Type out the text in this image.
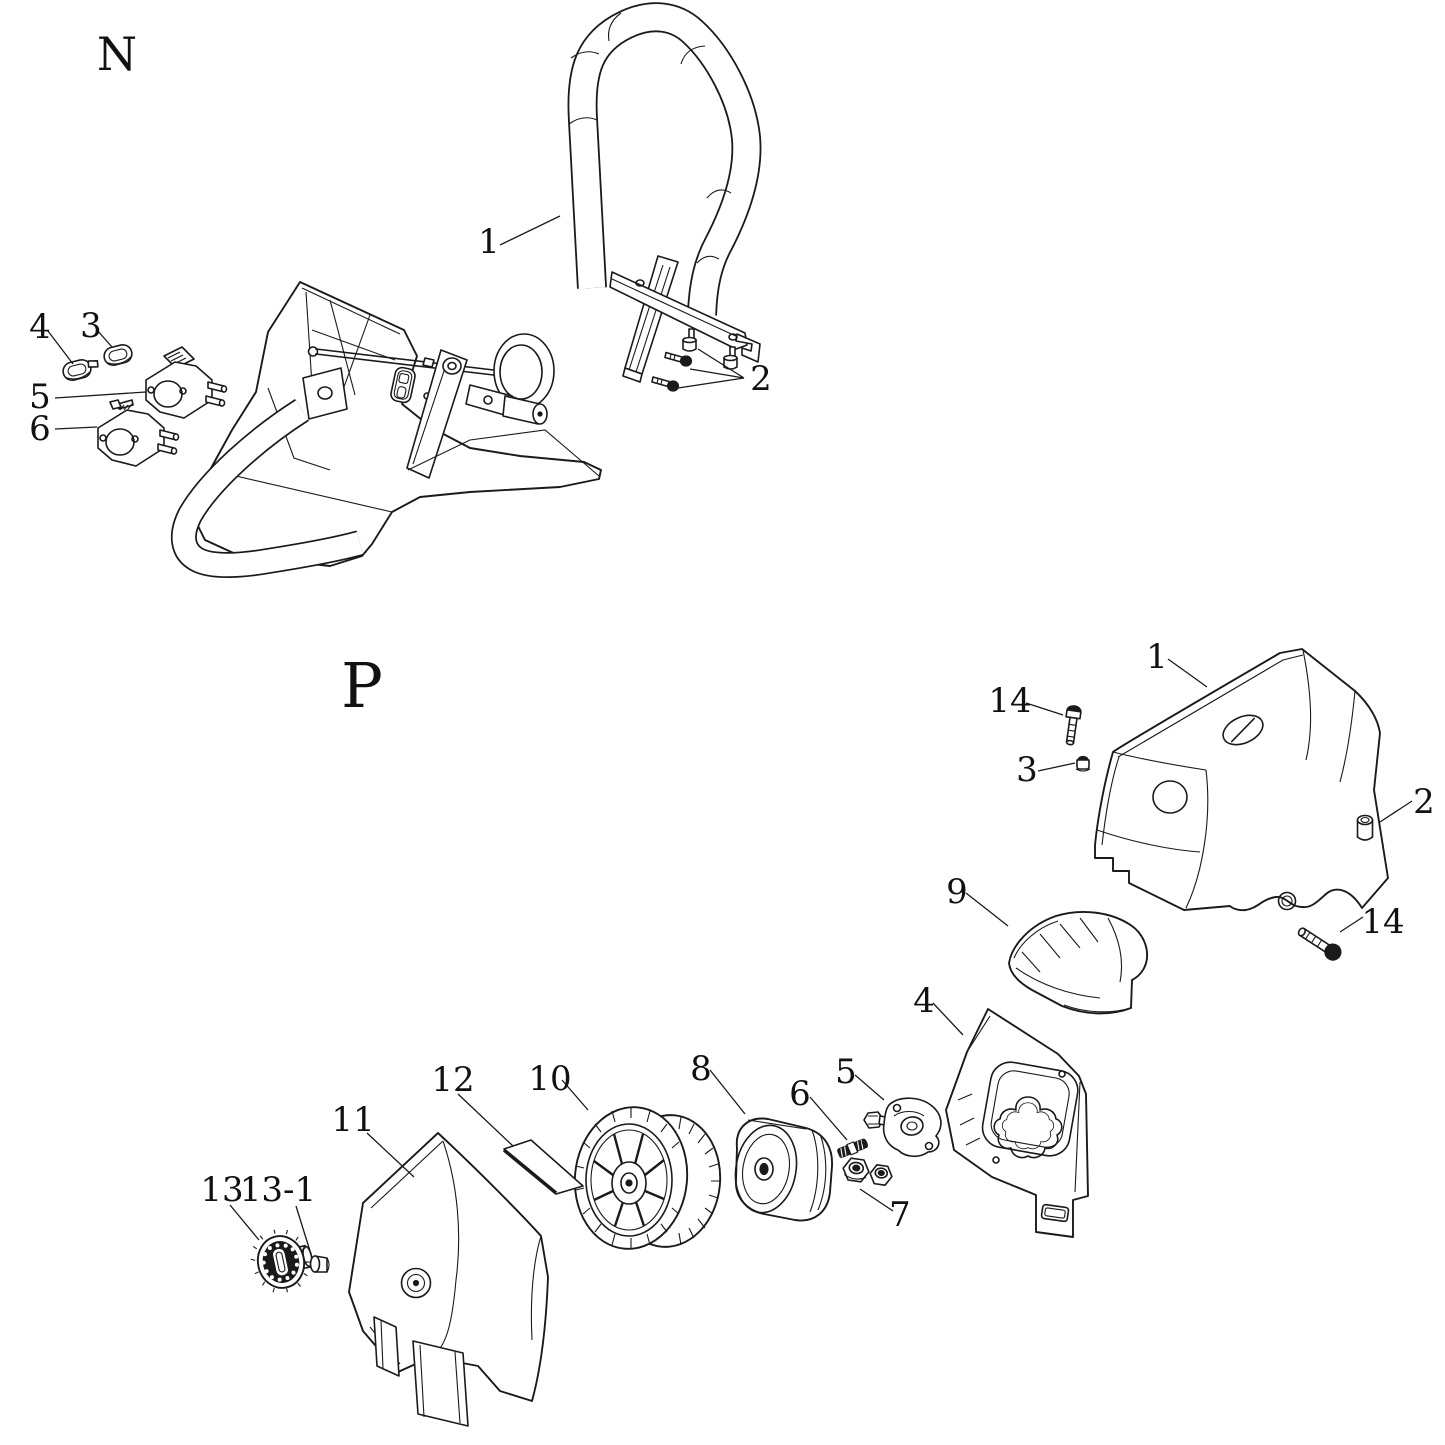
N
1
2
3
4
5
6
P	1
14
3
2
14
9
4
5
6
7
8
10
12
11
13
13-1
